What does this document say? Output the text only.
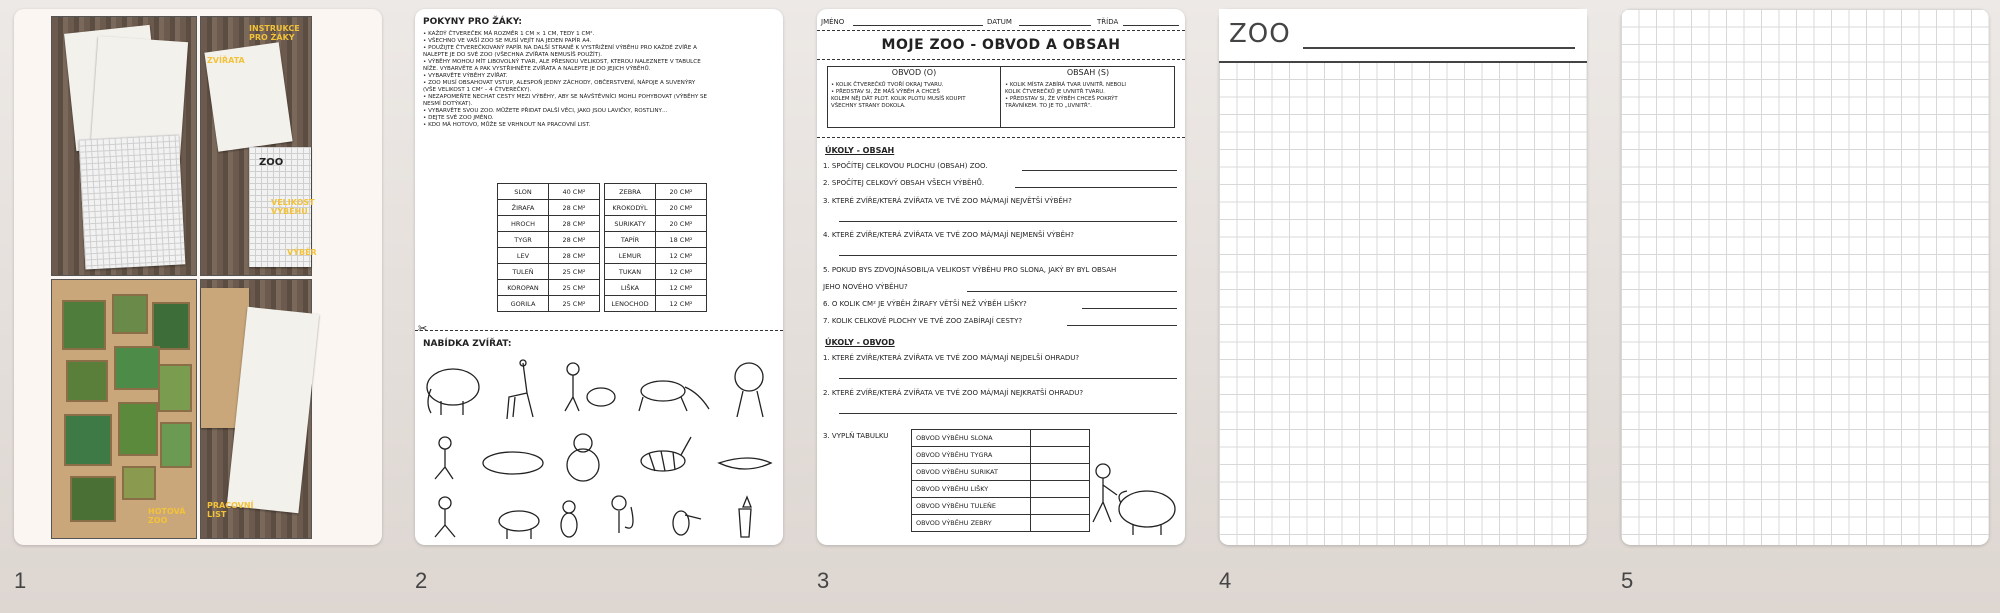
INSTRUKCE PRO ŽÁKY
ZVÍŘATA
ZOO
VELIKOST VÝBĚHU
VÝBĚR
HOTOVÁ ZOO
PRACOVNÍ LIST
POKYNY PRO ŽÁKY:
• KAŽDÝ ČTVEREČEK MÁ ROZMĚR 1 CM × 1 CM, TEDY 1 CM².
• VŠECHNO VE VAŠÍ ZOO SE MUSÍ VEJÍT NA JEDEN PAPÍR A4.
• POUŽIJTE ČTVEREČKOVANÝ PAPÍR NA DALŠÍ STRANĚ K VYSTŘIŽENÍ VÝBĚHU PRO KAŽDÉ ZVÍŘE A
NALEPTE JE DO SVÉ ZOO (VŠECHNA ZVÍŘATA NEMUSÍŠ POUŽÍT).
• VÝBĚHY MOHOU MÍT LIBOVOLNÝ TVAR, ALE PŘESNOU VELIKOST, KTEROU NALEZNETE V TABULCE
NÍŽE. VYBARVĚTE A PAK VYSTŘIHNĚTE ZVÍŘATA A NALEPTE JE DO JEJICH VÝBĚHŮ.
• VYBARVĚTE VÝBĚHY ZVÍŘAT.
• ZOO MUSÍ OBSAHOVAT VSTUP, ALESPOŇ JEDNY ZÁCHODY, OBČERSTVENÍ, NÁPOJE A SUVENÝRY
(VŠE VELIKOST 1 CM² – 4 ČTVEREČKY).
• NEZAPOMEŇTE NECHAT CESTY MEZI VÝBĚHY, ABY SE NÁVŠTĚVNÍCI MOHLI POHYBOVAT (VÝBĚHY SE
NESMÍ DOTÝKAT).
• VYBARVĚTE SVOU ZOO. MŮŽETE PŘIDAT DALŠÍ VĚCI, JAKO JSOU LAVIČKY, ROSTLINY…
• DEJTE SVÉ ZOO JMÉNO.
• KDO MÁ HOTOVO, MŮŽE SE VRHNOUT NA PRACOVNÍ LIST.
SLON	40 CM²		ZEBRA	20 CM²
ŽIRAFA	28 CM²		KROKODÝL	20 CM²
HROCH	28 CM²		SURIKATY	20 CM²
TYGR	28 CM²		TAPÍR	18 CM²
LEV	28 CM²		LEMUR	12 CM²
TULEŇ	25 CM²		TUKAN	12 CM²
KOROPAN	25 CM²		LIŠKA	12 CM²
GORILA	25 CM²		LENOCHOD	12 CM²
✂
NABÍDKA ZVÍŘAT:
JMÉNO	DATUM	TŘÍDA
MOJE ZOO - OBVOD A OBSAH
OBVOD (O)	OBSAH (S)
• KOLIK ČTVEREČKŮ TVOŘÍ OKRAJ TVARU.
• PŘEDSTAV SI, ŽE MÁŠ VÝBĚH A CHCEŠ
KOLEM NĚJ DÁT PLOT. KOLIK PLOTU MUSÍŠ KOUPIT
VŠECHNY STRANY DOKOLA.
• KOLIK MÍSTA ZABÍRÁ TVAR UVNITŘ. NEBOLI
KOLIK ČTVEREČKŮ JE UVNITŘ TVARU.
• PŘEDSTAV SI, ŽE VÝBĚH CHCEŠ POKRÝT
TRÁVNÍKEM. TO JE TO „UVNITŘ“.
ÚKOLY - OBSAH
1. SPOČÍTEJ CELKOVOU PLOCHU (OBSAH) ZOO.
2. SPOČÍTEJ CELKOVÝ OBSAH VŠECH VÝBĚHŮ.
3. KTERÉ ZVÍŘE/KTERÁ ZVÍŘATA VE TVÉ ZOO MÁ/MAJÍ NEJVĚTŠÍ VÝBĚH?
4. KTERÉ ZVÍŘE/KTERÁ ZVÍŘATA VE TVÉ ZOO MÁ/MAJÍ NEJMENŠÍ VÝBĚH?
5. POKUD BYS ZDVOJNÁSOBIL/A VELIKOST VÝBĚHU PRO SLONA, JAKÝ BY BYL OBSAH
JEHO NOVÉHO VÝBĚHU?
6. O KOLIK CM² JE VÝBĚH ŽIRAFY VĚTŠÍ NEŽ VÝBĚH LIŠKY?
7. KOLIK CELKOVÉ PLOCHY VE TVÉ ZOO ZABÍRAJÍ CESTY?
ÚKOLY - OBVOD
1. KTERÉ ZVÍŘE/KTERÁ ZVÍŘATA VE TVÉ ZOO MÁ/MAJÍ NEJDELŠÍ OHRADU?
2. KTERÉ ZVÍŘE/KTERÁ ZVÍŘATA VE TVÉ ZOO MÁ/MAJÍ NEJKRATŠÍ OHRADU?
3. VYPLŇ TABULKU	OBVOD VÝBĚHU SLONA	
OBVOD VÝBĚHU TYGRA	
OBVOD VÝBĚHU SURIKAT	
OBVOD VÝBĚHU LIŠKY	
OBVOD VÝBĚHU TULEŇE	
OBVOD VÝBĚHU ZEBRY	
ZOO
1	2	3	4	5
